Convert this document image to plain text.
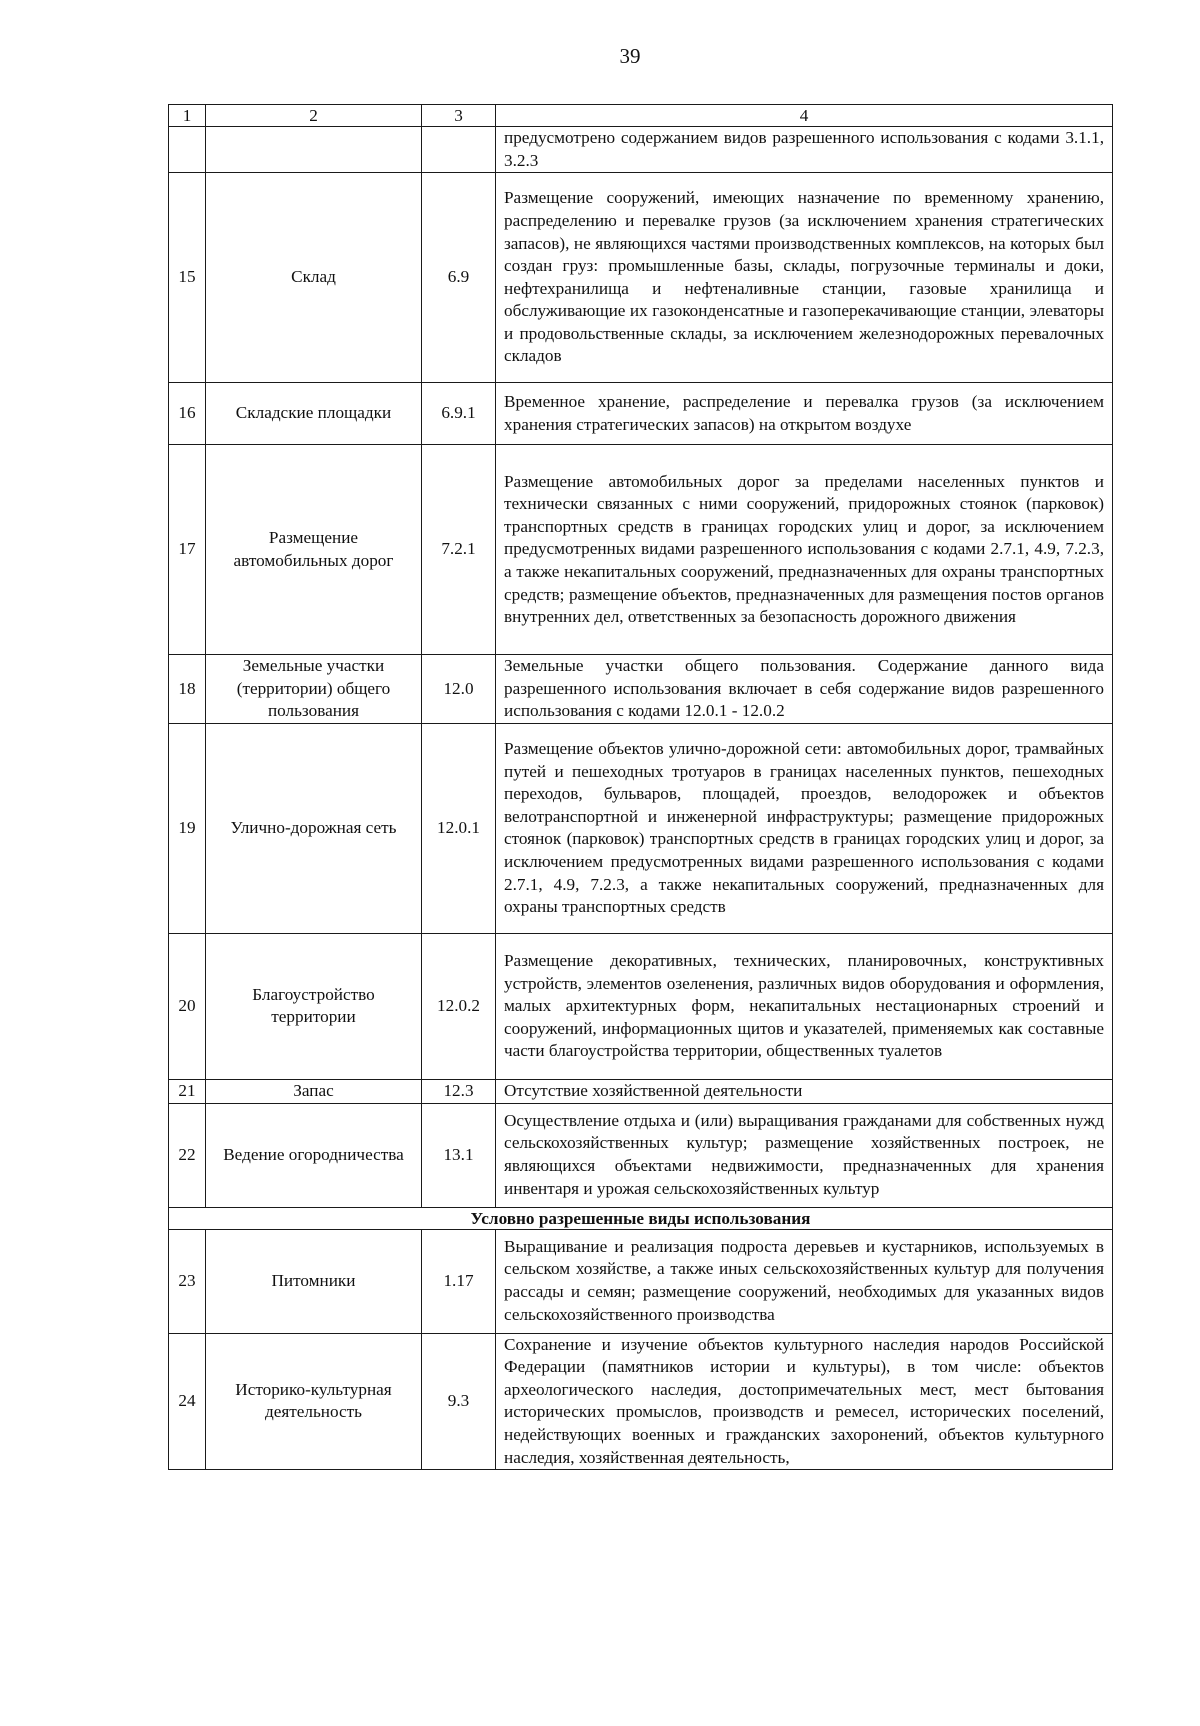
39
1	2	3	4
			предусмотрено содержанием видов разрешенного использования с кодами 3.1.1, 3.2.3
15	Склад	6.9	Размещение сооружений, имеющих назначение по временному хранению, распределению и перевалке грузов (за исключением хранения стратегических запасов), не являющихся частями производственных комплексов, на которых был создан груз: промышленные базы, склады, погрузочные терминалы и доки, нефтехранилища и нефтеналивные станции, газовые хранилища и обслуживающие их газоконденсатные и газоперекачивающие станции, элеваторы и продовольственные склады, за исключением железнодорожных перевалочных складов
16	Складские площадки	6.9.1	Временное хранение, распределение и перевалка грузов (за исключением хранения стратегических запасов) на открытом воздухе
17	Размещение автомобильных дорог	7.2.1	Размещение автомобильных дорог за пределами населенных пунктов и технически связанных с ними сооружений, придорожных стоянок (парковок) транспортных средств в границах городских улиц и дорог, за исключением предусмотренных видами разрешенного использования с кодами 2.7.1, 4.9, 7.2.3, а также некапитальных сооружений, предназначенных для охраны транспортных средств; размещение объектов, предназначенных для размещения постов органов внутренних дел, ответственных за безопасность дорожного движения
18	Земельные участки (территории) общего пользования	12.0	Земельные участки общего пользования. Содержание данного вида разрешенного использования включает в себя содержание видов разрешенного использования с кодами 12.0.1 - 12.0.2
19	Улично-дорожная сеть	12.0.1	Размещение объектов улично-дорожной сети: автомобильных дорог, трамвайных путей и пешеходных тротуаров в границах населенных пунктов, пешеходных переходов, бульваров, площадей, проездов, велодорожек и объектов велотранспортной и инженерной инфраструктуры; размещение придорожных стоянок (парковок) транспортных средств в границах городских улиц и дорог, за исключением предусмотренных видами разрешенного использования с кодами 2.7.1, 4.9, 7.2.3, а также некапитальных сооружений, предназначенных для охраны транспортных средств
20	Благоустройство территории	12.0.2	Размещение декоративных, технических, планировочных, конструктивных устройств, элементов озеленения, различных видов оборудования и оформления, малых архитектурных форм, некапитальных нестационарных строений и сооружений, информационных щитов и указателей, применяемых как составные части благоустройства территории, общественных туалетов
21	Запас	12.3	Отсутствие хозяйственной деятельности
22	Ведение огородничества	13.1	Осуществление отдыха и (или) выращивания гражданами для собственных нужд сельскохозяйственных культур; размещение хозяйственных построек, не являющихся объектами недвижимости, предназначенных для хранения инвентаря и урожая сельскохозяйственных культур
Условно разрешенные виды использования			
23	Питомники	1.17	Выращивание и реализация подроста деревьев и кустарников, используемых в сельском хозяйстве, а также иных сельскохозяйственных культур для получения рассады и семян; размещение сооружений, необходимых для указанных видов сельскохозяйственного производства
24	Историко-культурная деятельность	9.3	Сохранение и изучение объектов культурного наследия народов Российской Федерации (памятников истории и культуры), в том числе: объектов археологического наследия, достопримечательных мест, мест бытования исторических промыслов, производств и ремесел, исторических поселений, недействующих военных и гражданских захоронений, объектов культурного наследия, хозяйственная деятельность,
